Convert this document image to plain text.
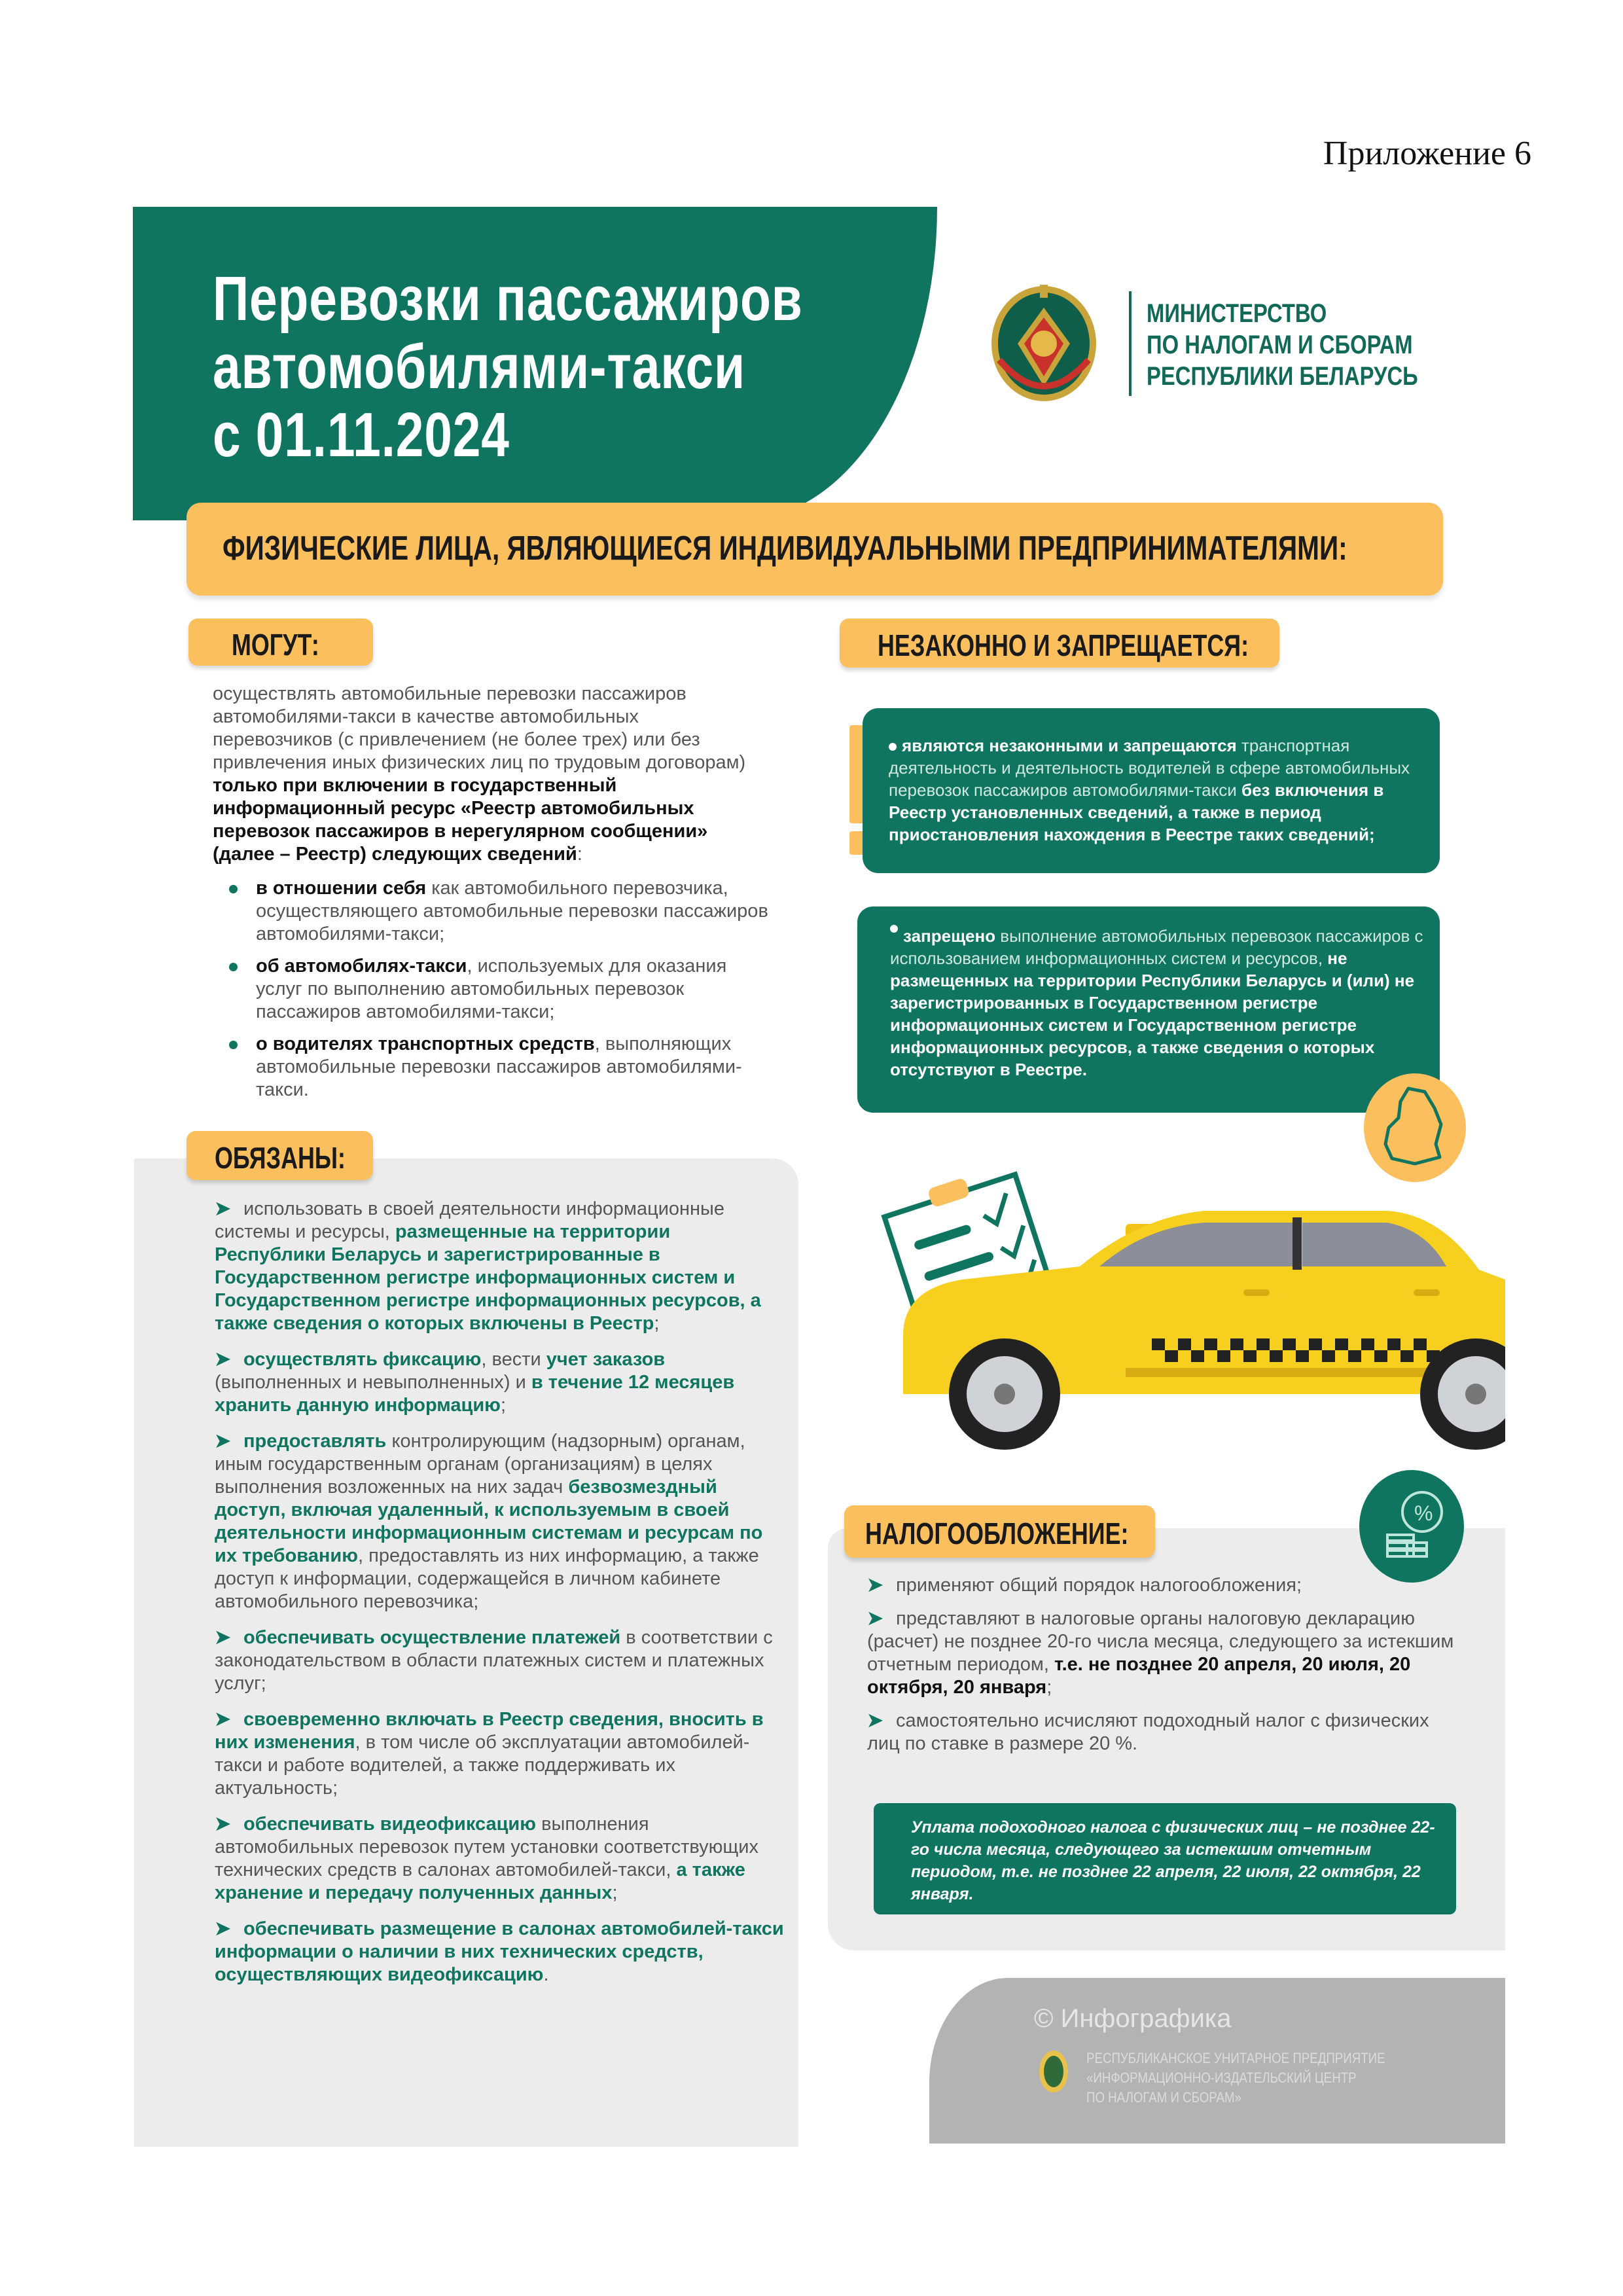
Приложение 6
Перевозки пассажиров
автомобилями-такси
с 01.11.2024
МИНИСТЕРСТВО
ПО НАЛОГАМ И СБОРАМ
РЕСПУБЛИКИ БЕЛАРУСЬ
ФИЗИЧЕСКИЕ ЛИЦА, ЯВЛЯЮЩИЕСЯ ИНДИВИДУАЛЬНЫМИ ПРЕДПРИНИМАТЕЛЯМИ:
МОГУТ:
осуществлять автомобильные перевозки пассажиров автомобилями-такси в качестве автомобильных перевозчиков (с привлечением (не более трех) или без привлечения иных физических лиц по трудовым договорам) только при включении в государственный информационный ресурс «Реестр автомобильных перевозок пассажиров в нерегулярном сообщении» (далее – Реестр) следующих сведений:
в отношении себя как автомобильного перевозчика, осуществляющего автомобильные перевозки пассажиров автомобилями-такси;
об автомобилях-такси, используемых для оказания услуг по выполнению автомобильных перевозок пассажиров автомобилями-такси;
о водителях транспортных средств, выполняющих автомобильные перевозки пассажиров автомобилями-такси.
НЕЗАКОННО И ЗАПРЕЩАЕТСЯ:
являются незаконными и запрещаются транспортная деятельность и деятельность водителей в сфере автомобильных перевозок пассажиров автомобилями-такси без включения в Реестр установленных сведений, а также в период приостановления нахождения в Реестре таких сведений;
запрещено выполнение автомобильных перевозок пассажиров с использованием информационных систем и ресурсов, не размещенных на территории Республики Беларусь и (или) не зарегистрированных в Государственном регистре информационных систем и Государственном регистре информационных ресурсов, а также сведения о которых отсутствуют в Реестре.
ОБЯЗАНЫ:
➤ использовать в своей деятельности информационные системы и ресурсы, размещенные на территории Республики Беларусь и зарегистрированные в Государственном регистре информационных систем и Государственном регистре информационных ресурсов, а также сведения о которых включены в Реестр;
➤ осуществлять фиксацию, вести учет заказов (выполненных и невыполненных) и в течение 12 месяцев хранить данную информацию;
➤ предоставлять контролирующим (надзорным) органам, иным государственным органам (организациям) в целях выполнения возложенных на них задач безвозмездный доступ, включая удаленный, к используемым в своей деятельности информационным системам и ресурсам по их требованию, предоставлять из них информацию, а также доступ к информации, содержащейся в личном кабинете автомобильного перевозчика;
➤ обеспечивать осуществление платежей в соответствии с законодательством в области платежных систем и платежных услуг;
➤ своевременно включать в Реестр сведения, вносить в них изменения, в том числе об эксплуатации автомобилей-такси и работе водителей, а также поддерживать их актуальность;
➤ обеспечивать видеофиксацию выполнения автомобильных перевозок путем установки соответствующих технических средств в салонах автомобилей-такси, а также хранение и передачу полученных данных;
➤ обеспечивать размещение в салонах автомобилей-такси информации о наличии в них технических средств, осуществляющих видеофиксацию.
НАЛОГООБЛОЖЕНИЕ:
%
➤ применяют общий порядок налогообложения;
➤ представляют в налоговые органы налоговую декларацию (расчет) не позднее 20-го числа месяца, следующего за истекшим отчетным периодом, т.е. не позднее 20 апреля, 20 июля, 20 октября, 20 января;
➤ самостоятельно исчисляют подоходный налог с физических лиц по ставке в размере 20 %.
Уплата подоходного налога с физических лиц – не позднее 22-го числа месяца, следующего за истекшим отчетным периодом, т.е. не позднее 22 апреля, 22 июля, 22 октября, 22 января.
© Инфографика
РЕСПУБЛИКАНСКОЕ УНИТАРНОЕ ПРЕДПРИЯТИЕ
«ИНФОРМАЦИОННО-ИЗДАТЕЛЬСКИЙ ЦЕНТР
ПО НАЛОГАМ И СБОРАМ»
